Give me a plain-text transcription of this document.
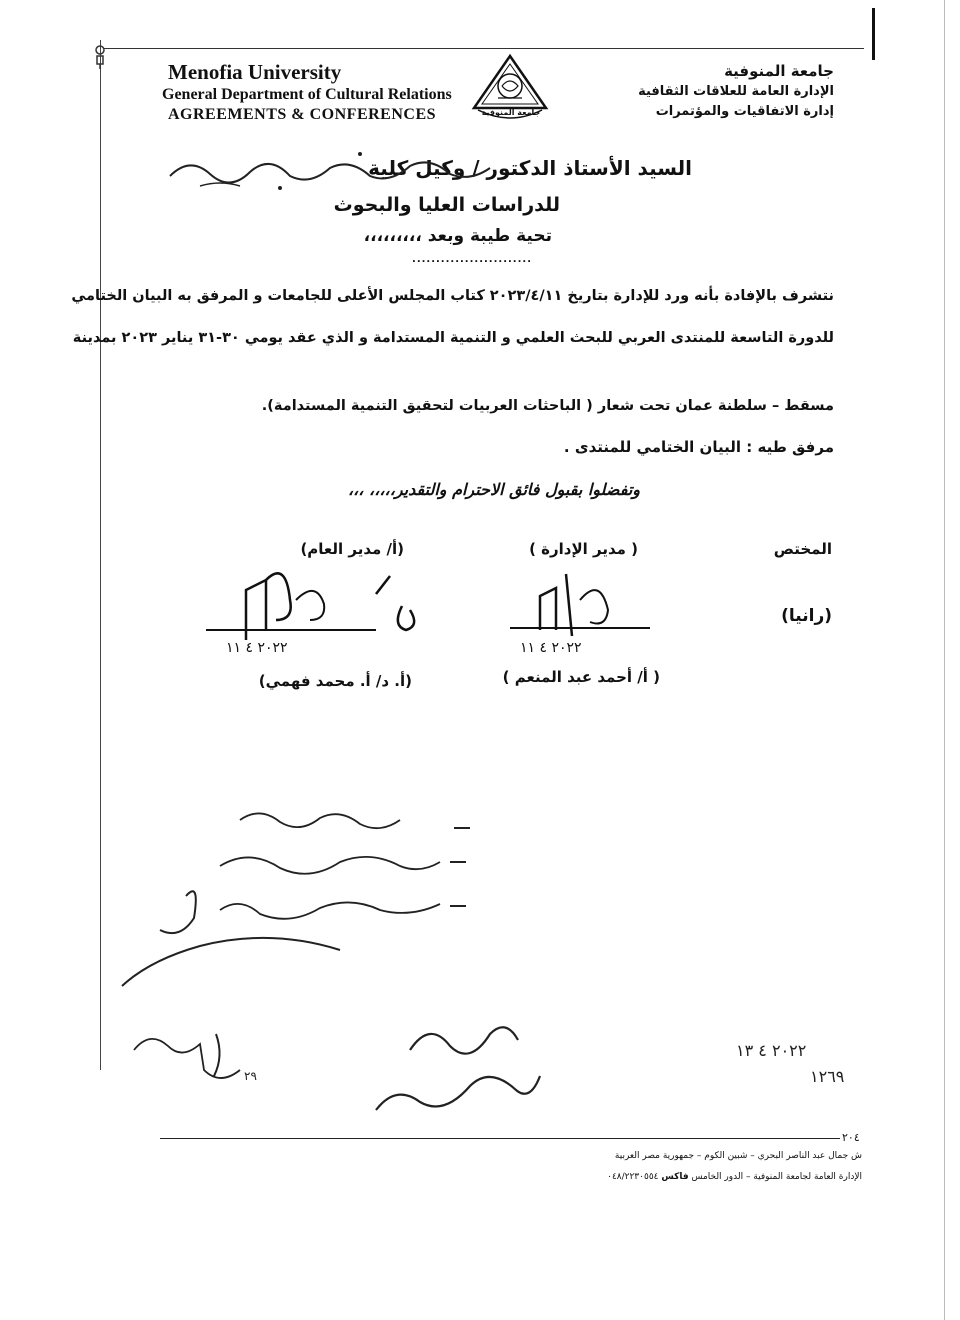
Menofia University
General Department of Cultural Relations
AGREEMENTS & CONFERENCES	جامعة المنوفية
جامعة المنوفية
الإدارة العامة للعلاقات الثقافية
إدارة الاتفاقيات والمؤتمرات
السيد الأستاذ الدكتور / وكيل كلية
للدراسات العليا والبحوث
تحية طيبة وبعد ،،،،،،،،،
.........................
نتشرف بالإفادة بأنه ورد للإدارة بتاريخ ٢٠٢٣/٤/١١ كتاب المجلس الأعلى للجامعات و المرفق به البيان الختامي
للدورة التاسعة للمنتدى العربي للبحث العلمي و التنمية المستدامة و الذي عقد يومي ٣٠-٣١ يناير ٢٠٢٣ بمدينة
مسقط – سلطنة عمان تحت شعار ( الباحثات العربيات لتحقيق التنمية المستدامة).
مرفق طيه : البيان الختامي للمنتدى .
وتفضلوا بقبول فائق الاحترام والتقدير،،،،، ،،،
المختص
( مدير الإدارة )
(أ/ مدير العام)
(رانيا)
٢٠٢٢ ٤ ١١	٢٠٢٢ ٤ ١١
( أ/ أحمد عبد المنعم )
(أ. د/ أ. محمد فهمي)
٢٩
٢٠٢٢ ٤ ١٣
١٢٦٩
٢٠٤
ش جمال عبد الناصر البحري – شبين الكوم – جمهورية مصر العربية
الإدارة العامة لجامعة المنوفية – الدور الخامس فاكس ٠٤٨/٢٢٣٠٥٥٤
